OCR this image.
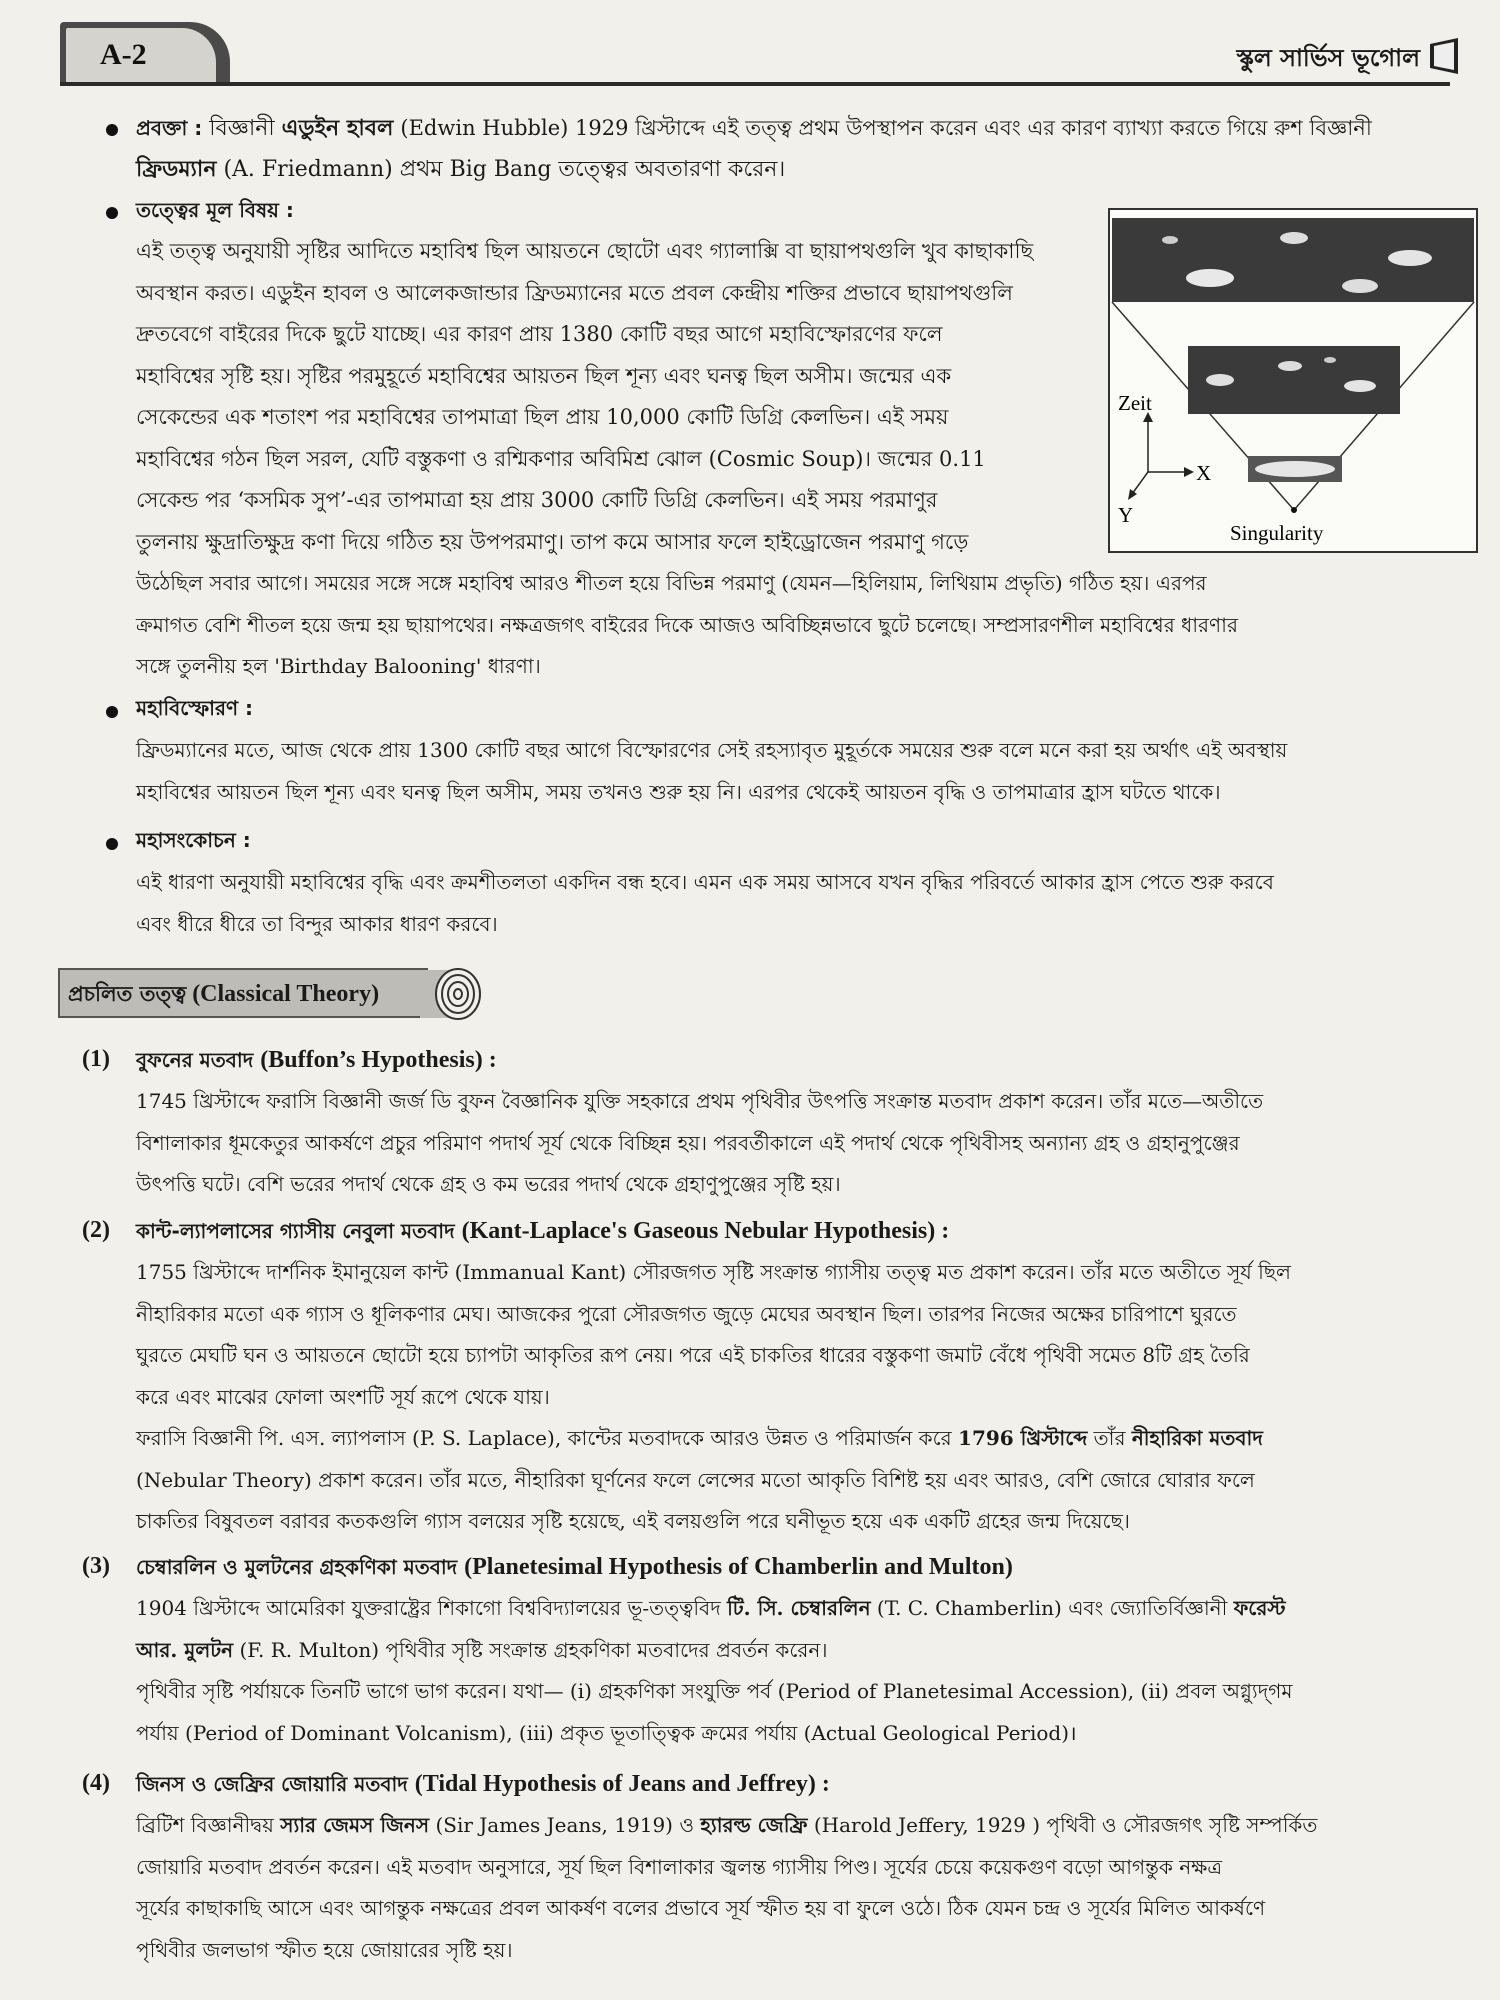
A-2	স্কুল সার্ভিস ভূগোল
প্রবক্তা : বিজ্ঞানী এডুইন হাবল (Edwin Hubble) 1929 খ্রিস্টাব্দে এই তত্ত্ব প্রথম উপস্থাপন করেন এবং এর কারণ ব্যাখ্যা করতে গিয়ে রুশ বিজ্ঞানী
ফ্রিডম্যান (A. Friedmann) প্রথম Big Bang তত্ত্বের অবতারণা করেন।
তত্ত্বের মূল বিষয় :
এই তত্ত্ব অনুযায়ী সৃষ্টির আদিতে মহাবিশ্ব ছিল আয়তনে ছোটো এবং গ্যালাক্সি বা ছায়াপথগুলি খুব কাছাকাছি
অবস্থান করত। এডুইন হাবল ও আলেকজান্ডার ফ্রিডম্যানের মতে প্রবল কেন্দ্রীয় শক্তির প্রভাবে ছায়াপথগুলি
দ্রুতবেগে বাইরের দিকে ছুটে যাচ্ছে। এর কারণ প্রায় 1380 কোটি বছর আগে মহাবিস্ফোরণের ফলে
মহাবিশ্বের সৃষ্টি হয়। সৃষ্টির পরমুহূর্তে মহাবিশ্বের আয়তন ছিল শূন্য এবং ঘনত্ব ছিল অসীম। জন্মের এক
সেকেন্ডের এক শতাংশ পর মহাবিশ্বের তাপমাত্রা ছিল প্রায় 10,000 কোটি ডিগ্রি কেলভিন। এই সময়
মহাবিশ্বের গঠন ছিল সরল, যেটি বস্তুকণা ও রশ্মিকণার অবিমিশ্র ঝোল (Cosmic Soup)। জন্মের 0.11
সেকেন্ড পর ‘কসমিক সুপ’-এর তাপমাত্রা হয় প্রায় 3000 কোটি ডিগ্রি কেলভিন। এই সময় পরমাণুর
তুলনায় ক্ষুদ্রাতিক্ষুদ্র কণা দিয়ে গঠিত হয় উপপরমাণু। তাপ কমে আসার ফলে হাইড্রোজেন পরমাণু গড়ে
উঠেছিল সবার আগে। সময়ের সঙ্গে সঙ্গে মহাবিশ্ব আরও শীতল হয়ে বিভিন্ন পরমাণু (যেমন—হিলিয়াম, লিথিয়াম প্রভৃতি) গঠিত হয়। এরপর
ক্রমাগত বেশি শীতল হয়ে জন্ম হয় ছায়াপথের। নক্ষত্রজগৎ বাইরের দিকে আজও অবিচ্ছিন্নভাবে ছুটে চলেছে। সম্প্রসারণশীল মহাবিশ্বের ধারণার
সঙ্গে তুলনীয় হল 'Birthday Balooning' ধারণা।
Zeit
X
Y
Singularity
মহাবিস্ফোরণ :
ফ্রিডম্যানের মতে, আজ থেকে প্রায় 1300 কোটি বছর আগে বিস্ফোরণের সেই রহস্যাবৃত মুহূর্তকে সময়ের শুরু বলে মনে করা হয় অর্থাৎ এই অবস্থায়
মহাবিশ্বের আয়তন ছিল শূন্য এবং ঘনত্ব ছিল অসীম, সময় তখনও শুরু হয় নি। এরপর থেকেই আয়তন বৃদ্ধি ও তাপমাত্রার হ্রাস ঘটতে থাকে।
মহাসংকোচন :
এই ধারণা অনুযায়ী মহাবিশ্বের বৃদ্ধি এবং ক্রমশীতলতা একদিন বন্ধ হবে। এমন এক সময় আসবে যখন বৃদ্ধির পরিবর্তে আকার হ্রাস পেতে শুরু করবে
এবং ধীরে ধীরে তা বিন্দুর আকার ধারণ করবে।
প্রচলিত তত্ত্ব (Classical Theory)
(1) বুফনের মতবাদ (Buffon’s Hypothesis) :
1745 খ্রিস্টাব্দে ফরাসি বিজ্ঞানী জর্জ ডি বুফন বৈজ্ঞানিক যুক্তি সহকারে প্রথম পৃথিবীর উৎপত্তি সংক্রান্ত মতবাদ প্রকাশ করেন। তাঁর মতে—অতীতে
বিশালাকার ধূমকেতুর আকর্ষণে প্রচুর পরিমাণ পদার্থ সূর্য থেকে বিচ্ছিন্ন হয়। পরবর্তীকালে এই পদার্থ থেকে পৃথিবীসহ অন্যান্য গ্রহ ও গ্রহানুপুঞ্জের
উৎপত্তি ঘটে। বেশি ভরের পদার্থ থেকে গ্রহ ও কম ভরের পদার্থ থেকে গ্রহাণুপুঞ্জের সৃষ্টি হয়।
(2) কান্ট-ল্যাপলাসের গ্যাসীয় নেবুলা মতবাদ (Kant-Laplace's Gaseous Nebular Hypothesis) :
1755 খ্রিস্টাব্দে দার্শনিক ইমানুয়েল কান্ট (Immanual Kant) সৌরজগত সৃষ্টি সংক্রান্ত গ্যাসীয় তত্ত্ব মত প্রকাশ করেন। তাঁর মতে অতীতে সূর্য ছিল
নীহারিকার মতো এক গ্যাস ও ধূলিকণার মেঘ। আজকের পুরো সৌরজগত জুড়ে মেঘের অবস্থান ছিল। তারপর নিজের অক্ষের চারিপাশে ঘুরতে
ঘুরতে মেঘটি ঘন ও আয়তনে ছোটো হয়ে চ্যাপটা আকৃতির রূপ নেয়। পরে এই চাকতির ধারের বস্তুকণা জমাট বেঁধে পৃথিবী সমেত 8টি গ্রহ তৈরি
করে এবং মাঝের ফোলা অংশটি সূর্য রূপে থেকে যায়।
ফরাসি বিজ্ঞানী পি. এস. ল্যাপলাস (P. S. Laplace), কান্টের মতবাদকে আরও উন্নত ও পরিমার্জন করে 1796 খ্রিস্টাব্দে তাঁর নীহারিকা মতবাদ
(Nebular Theory) প্রকাশ করেন। তাঁর মতে, নীহারিকা ঘূর্ণনের ফলে লেন্সের মতো আকৃতি বিশিষ্ট হয় এবং আরও, বেশি জোরে ঘোরার ফলে
চাকতির বিষুবতল বরাবর কতকগুলি গ্যাস বলয়ের সৃষ্টি হয়েছে, এই বলয়গুলি পরে ঘনীভূত হয়ে এক একটি গ্রহের জন্ম দিয়েছে।
(3) চেম্বারলিন ও মুলটনের গ্রহকণিকা মতবাদ (Planetesimal Hypothesis of Chamberlin and Multon)
1904 খ্রিস্টাব্দে আমেরিকা যুক্তরাষ্ট্রের শিকাগো বিশ্ববিদ্যালয়ের ভূ-তত্ত্ববিদ টি. সি. চেম্বারলিন (T. C. Chamberlin) এবং জ্যোতির্বিজ্ঞানী ফরেস্ট
আর. মুলটন (F. R. Multon) পৃথিবীর সৃষ্টি সংক্রান্ত গ্রহকণিকা মতবাদের প্রবর্তন করেন।
পৃথিবীর সৃষ্টি পর্যায়কে তিনটি ভাগে ভাগ করেন। যথা— (i) গ্রহকণিকা সংযুক্তি পর্ব (Period of Planetesimal Accession), (ii) প্রবল অগ্ন্যুদ্‌গম
পর্যায় (Period of Dominant Volcanism), (iii) প্রকৃত ভূতাত্ত্বিক ক্রমের পর্যায় (Actual Geological Period)।
(4) জিনস ও জেফ্রির জোয়ারি মতবাদ (Tidal Hypothesis of Jeans and Jeffrey) :
ব্রিটিশ বিজ্ঞানীদ্বয় স্যার জেমস জিনস (Sir James Jeans, 1919) ও হ্যারল্ড জেফ্রি (Harold Jeffery, 1929 ) পৃথিবী ও সৌরজগৎ সৃষ্টি সম্পর্কিত
জোয়ারি মতবাদ প্রবর্তন করেন। এই মতবাদ অনুসারে, সূর্য ছিল বিশালাকার জ্বলন্ত গ্যাসীয় পিণ্ড। সূর্যের চেয়ে কয়েকগুণ বড়ো আগন্তুক নক্ষত্র
সূর্যের কাছাকাছি আসে এবং আগন্তুক নক্ষত্রের প্রবল আকর্ষণ বলের প্রভাবে সূর্য স্ফীত হয় বা ফুলে ওঠে। ঠিক যেমন চন্দ্র ও সূর্যের মিলিত আকর্ষণে
পৃথিবীর জলভাগ স্ফীত হয়ে জোয়ারের সৃষ্টি হয়।
